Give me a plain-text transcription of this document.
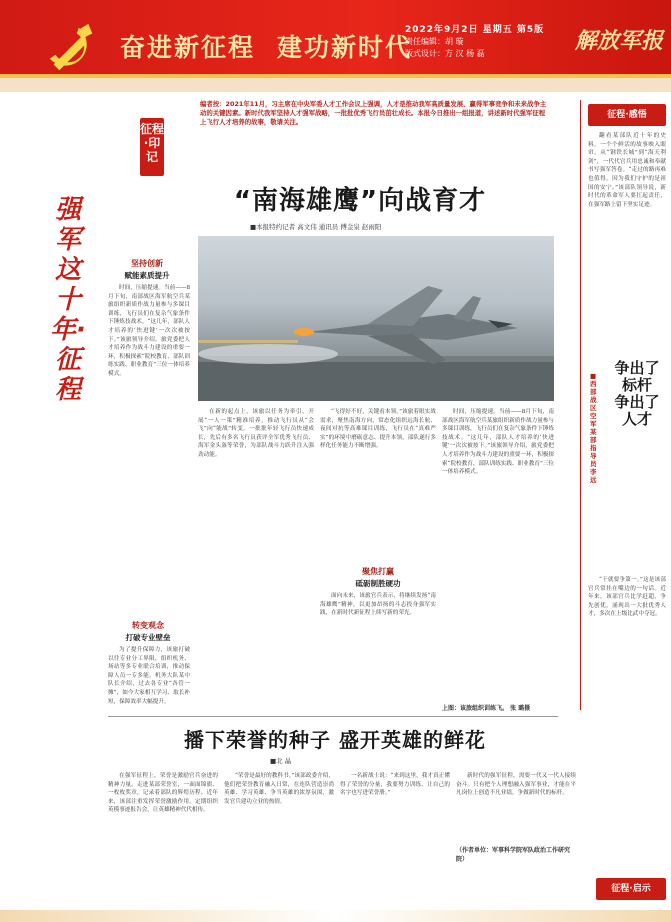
奋进新征程 建功新时代
2022年9月2日 星期五 第5版
责任编辑：胡 璇
版式设计：方 汉 杨 磊	解放军报
强军这十年·征程
征程·印记
编者按：2021年11月，习主席在中央军委人才工作会议上强调，人才是推动我军高质量发展、赢得军事竞争和未来战争主动的关键因素。新时代我军坚持人才强军战略，一批批优秀飞行员茁壮成长。本报今日推出一组报道，讲述新时代强军征程上飞行人才培养的故事，敬请关注。
“南海雄鹰”向战育才
■本报特约记者 高文伟 通讯员 傅金泉 赵雨阳
坚持创新
赋能素质提升
时间，压缩提速。当前——8月下旬，南部战区海军航空兵某旅组织新质作战力量参与多课目训练，飞行员们在复杂气象条件下锤炼技战术。“这几年，部队人才培养的‘快进键’一次次被按下。”该旅领导介绍，旅党委把人才培养作为战斗力建设的重要一环，积极探索“院校教育、部队训练实践、职业教育”三位一体培养模式。
转变观念
打破专业壁垒
为了提升保障力，该旅打破以往专业分工界限，组织机务、场站等多专业联合培训，推动保障人员一专多能。机务大队某中队长介绍，过去各专业“各管一摊”，如今大家相互学习、取长补短，保障效率大幅提升。
在新的起点上，该旅以任务为牵引，开展“一人一策”精准培养，推动飞行员从“会飞”向“能战”转变。一批批年轻飞行员快速成长，先后有多名飞行员获评全军优秀飞行员、海军金头盔等荣誉，为部队战斗力跃升注入强劲动能。
“飞得好不好，关键看本领。”该旅着眼实战需求，聚焦南海方向，常态化组织远海长航、夜间对抗等高难课目训练，飞行员在“真难严实”的环境中磨砺意志、提升本领，部队遂行多样化任务能力不断增强。
聚焦打赢
砥砺制胜硬功
面向未来，该旅官兵表示，将继续发扬“南海雄鹰”精神，以更加昂扬的斗志投身强军实践，在新时代新征程上续写新的荣光。
时间，压缩提速。当前——8月下旬，南部战区海军航空兵某旅组织新质作战力量参与多课目训练，飞行员们在复杂气象条件下锤炼技战术。“这几年，部队人才培养的‘快进键’一次次被按下。”该旅领导介绍，旅党委把人才培养作为战斗力建设的重要一环，积极探索“院校教育、部队训练实践、职业教育”三位一体培养模式。
上图：该旅组织训练飞。 张 璐摄
征程·感悟
翻看某部队近十年的史料，一个个鲜活的故事映入眼帘。从“钢铁长城”到“海天利剑”，一代代官兵用忠诚和奉献书写强军答卷。“走过的路再难也值得，因为我们守护的是祖国的安宁。”该部队领导说，新时代的革命军人要扛起责任，在强军路上留下坚实足迹。
争出了标杆 争出了人才
■西部战区空军某部指导员 李 远
“干就要争第一。”这是该部官兵常挂在嘴边的一句话。近年来，该部官兵比学赶超、争先创优，涌现出一大批优秀人才，多次在上级比武中夺冠。
征程·启示
播下荣誉的种子 盛开英雄的鲜花
■北 晶
在强军征程上，荣誉是激励官兵奋进的精神力量。走进某部荣誉室，一面面锦旗、一枚枚奖章，记录着部队的辉煌历程。近年来，该部注重发挥荣誉激励作用，定期组织英模事迹报告会，让英雄精神代代相传。
“荣誉是最好的教科书。”该部政委介绍，他们把荣誉教育融入日常，在连队营造崇尚英雄、学习英雄、争当英雄的浓厚氛围，激发官兵建功立业的热情。
一名新战士说：“来到这里，我才真正懂得了荣誉的分量，我要努力训练，让自己的名字也写进荣誉册。”
（作者单位：军事科学院军队政治工作研究院）
新时代的强军征程，需要一代又一代人接续奋斗。只有把个人理想融入强军事业，才能在平凡岗位上创造不凡业绩，争做新时代的标杆。
